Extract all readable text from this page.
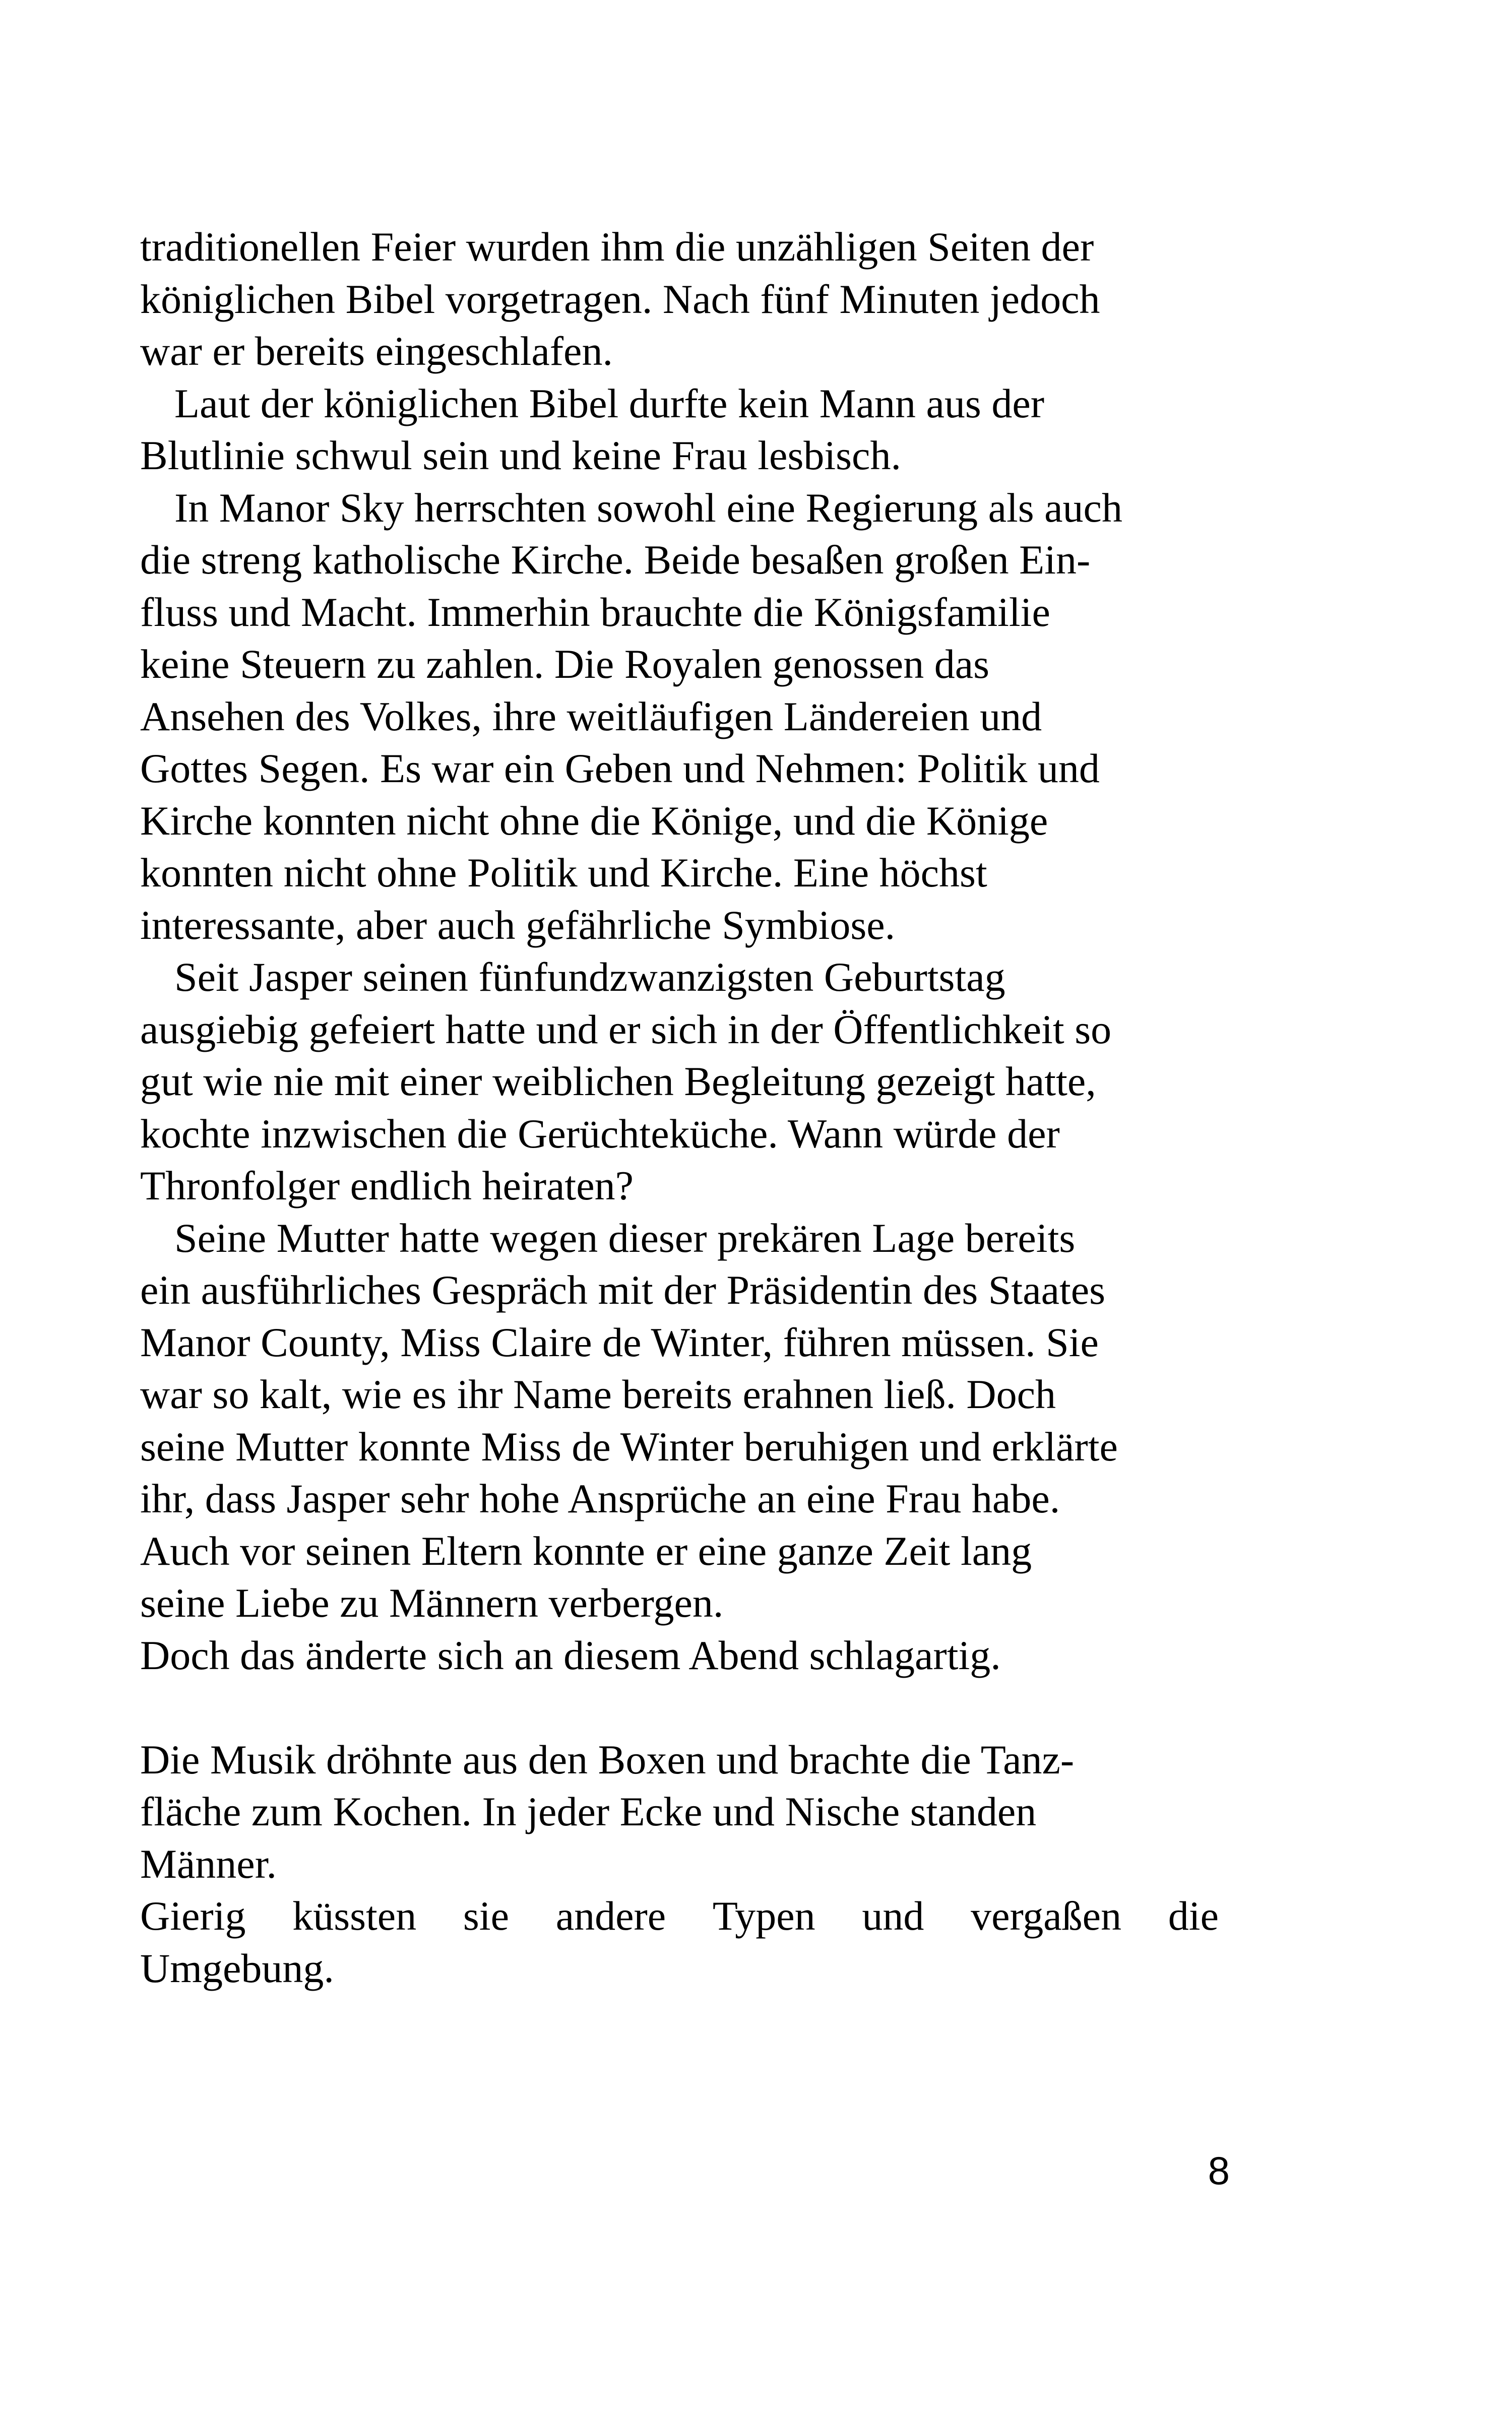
traditionellen Feier wurden ihm die unzähligen Seiten der
königlichen Bibel vorgetragen. Nach fünf Minuten jedoch
war er bereits eingeschlafen.
Laut der königlichen Bibel durfte kein Mann aus der
Blutlinie schwul sein und keine Frau lesbisch.
In Manor Sky herrschten sowohl eine Regierung als auch
die streng katholische Kirche. Beide besaßen großen Ein-
fluss und Macht. Immerhin brauchte die Königsfamilie
keine Steuern zu zahlen. Die Royalen genossen das
Ansehen des Volkes, ihre weitläufigen Ländereien und
Gottes Segen. Es war ein Geben und Nehmen: Politik und
Kirche konnten nicht ohne die Könige, und die Könige
konnten nicht ohne Politik und Kirche. Eine höchst
interessante, aber auch gefährliche Symbiose.
Seit Jasper seinen fünfundzwanzigsten Geburtstag
ausgiebig gefeiert hatte und er sich in der Öffentlichkeit so
gut wie nie mit einer weiblichen Begleitung gezeigt hatte,
kochte inzwischen die Gerüchteküche. Wann würde der
Thronfolger endlich heiraten?
Seine Mutter hatte wegen dieser prekären Lage bereits
ein ausführliches Gespräch mit der Präsidentin des Staates
Manor County, Miss Claire de Winter, führen müssen. Sie
war so kalt, wie es ihr Name bereits erahnen ließ. Doch
seine Mutter konnte Miss de Winter beruhigen und erklärte
ihr, dass Jasper sehr hohe Ansprüche an eine Frau habe.
Auch vor seinen Eltern konnte er eine ganze Zeit lang
seine Liebe zu Männern verbergen.
Doch das änderte sich an diesem Abend schlagartig.
Die Musik dröhnte aus den Boxen und brachte die Tanz-
fläche zum Kochen. In jeder Ecke und Nische standen
Männer.
Gierig küssten sie andere Typen und vergaßen die
Umgebung.
8
